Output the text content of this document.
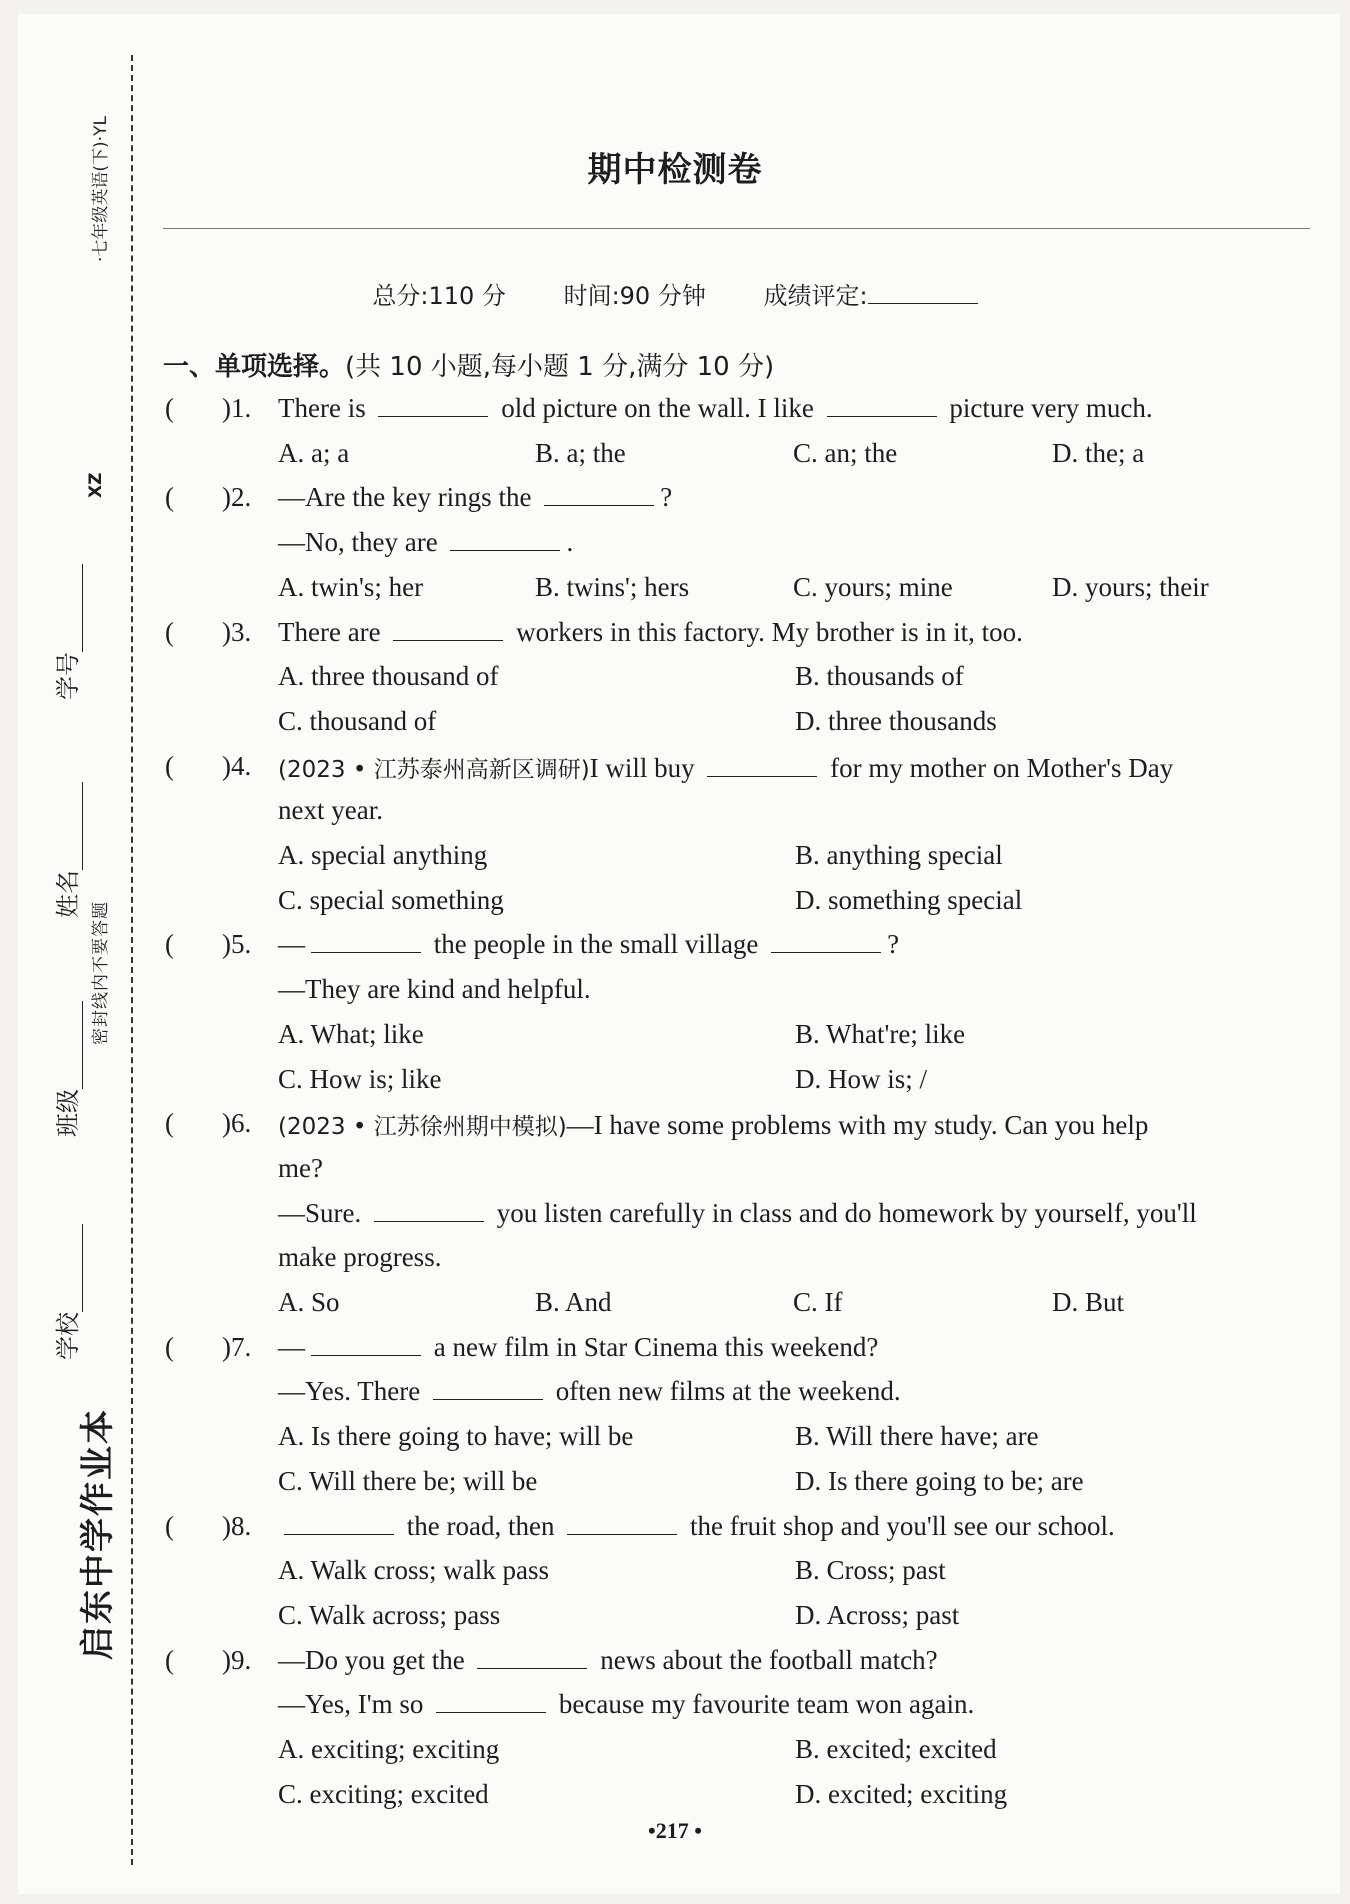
·七年级英语(下)·YL
XZ
密封线内不要答题
启东中学作业本
学校
班级
姓名
学号
期中检测卷
总分:110 分 时间:90 分钟 成绩评定:
一、单项选择。(共 10 小题,每小题 1 分,满分 10 分)
( )1. There is	old picture on the wall. I like	picture very much.
A. a; a	B. a; the	C. an; the	D. the; a
( )2. —Are the key rings the	?
—No, they are	.
A. twin's; her	B. twins'; hers	C. yours; mine	D. yours; their
( )3. There are	workers in this factory. My brother is in it, too.
A. three thousand of	B. thousands of
C. thousand of	D. three thousands
( )4. (2023 • 江苏泰州高新区调研)I will buy	for my mother on Mother's Day
next year.
A. special anything	B. anything special
C. special something	D. something special
( )5. —	the people in the small village	?
—They are kind and helpful.
A. What; like	B. What're; like
C. How is; like	D. How is; /
( )6. (2023 • 江苏徐州期中模拟)—I have some problems with my study. Can you help
me?
—Sure.	you listen carefully in class and do homework by yourself, you'll
make progress.
A. So	B. And	C. If	D. But
( )7. —	a new film in Star Cinema this weekend?
—Yes. There	often new films at the weekend.
A. Is there going to have; will be	B. Will there have; are
C. Will there be; will be	D. Is there going to be; are
( )8.	the road, then	the fruit shop and you'll see our school.
A. Walk cross; walk pass	B. Cross; past
C. Walk across; pass	D. Across; past
( )9. —Do you get the	news about the football match?
—Yes, I'm so	because my favourite team won again.
A. exciting; exciting	B. excited; excited
C. exciting; excited	D. excited; exciting
•217 •
